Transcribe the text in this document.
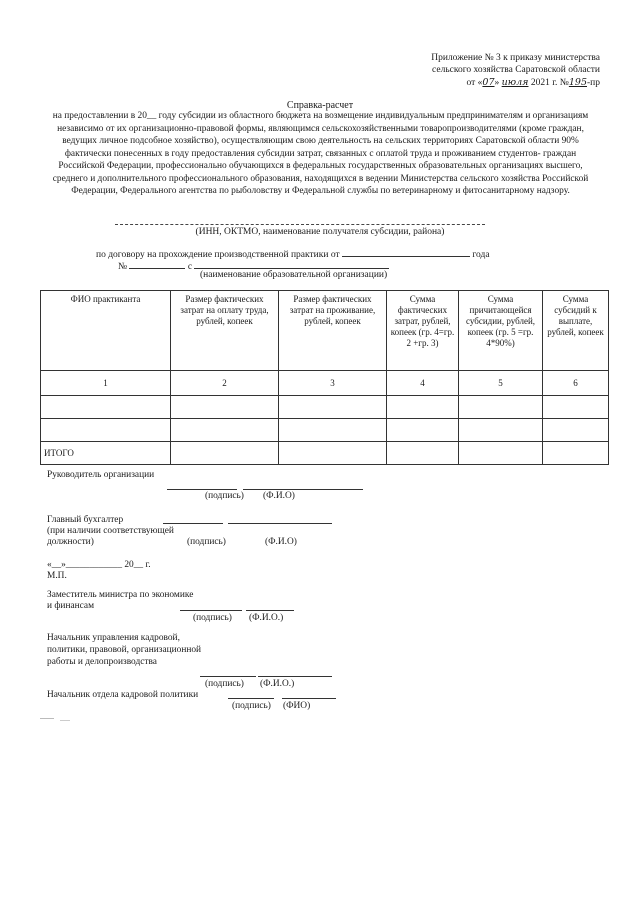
Приложение № 3 к приказу министерства
сельского хозяйства Саратовской области
от «07» июля 2021 г. №195-пр
Справка-расчет
на предоставлении в 20__ году субсидии из областного бюджета на возмещение индивидуальным предпринимателям и организациям независимо от их организационно-правовой формы, являющимся сельскохозяйственными товаропроизводителями (кроме граждан, ведущих личное подсобное хозяйство), осуществляющим свою деятельность на сельских территориях Саратовской области 90% фактически понесенных в году предоставления субсидии затрат, связанных с оплатой труда и проживанием студентов- граждан Российской Федерации, профессионально обучающихся в федеральных государственных образовательных организациях высшего, среднего и дополнительного профессионального образования, находящихся в ведении Министерства сельского хозяйства Российской Федерации, Федерального агентства по рыболовству и Федеральной службы по ветеринарному и фитосанитарному надзору.
(ИНН, ОКТМО, наименование получателя субсидии, района)
по договору на прохождение производственной практики от	года
№	с
(наименование образовательной организации)
ФИО практиканта	Размер фактических затрат на оплату труда, рублей, копеек	Размер фактических затрат на проживание, рублей, копеек	Сумма фактических затрат, рублей, копеек (гр. 4=гр. 2 +гр. 3)	Сумма причитающейся субсидии, рублей, копеек (гр. 5 =гр. 4*90%)	Сумма субсидий к выплате, рублей, копеек
1	2	3	4	5	6

ИТОГО					
Руководитель организации
(подпись) (Ф.И.О)
Главный бухгалтер
(при наличии соответствующей
должности)	(подпись)	(Ф.И.О)
«__»____________ 20__ г.
М.П.
Заместитель министра по экономике
и финансам
(подпись) (Ф.И.О.)
Начальник управления кадровой,
политики, правовой, организационной
работы и делопроизводства
(подпись) (Ф.И.О.)
Начальник отдела кадровой политики
(подпись) (ФИО)
